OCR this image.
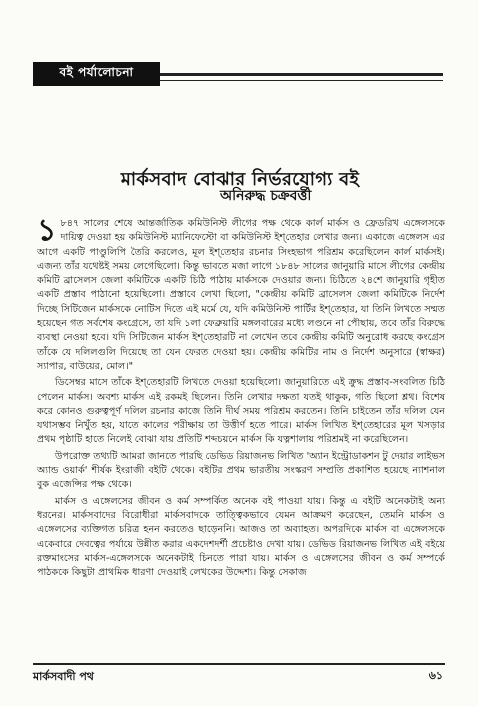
বই পর্যালোচনা
মার্কসবাদ বোঝার নির্ভরযোগ্য বই
অনিরুদ্ধ চক্রবর্ত্তী

১ ৮৪৭ সালের শেষে আন্তর্জাতিক কমিউনিস্ট লীগের পক্ষ থেকে কার্ল মার্কস ও ফ্রেডরিখ এঙ্গেলসকে দায়িত্ব দেওয়া হয় কমিউনিস্ট ম্যানিফেস্টো বা কমিউনিস্ট ইশ্‌তেহার লেখার জন্য। একাজে এঙ্গেলস এর আগে একটি পাণ্ডুলিপি তৈরি করলেও, মূল ইশ্‌তেহার রচনার সিংহভাগ পরিশ্রম করেছিলেন কার্ল মার্কসই। এজন্য তাঁর যথেষ্টই সময় লেগেছিলো। কিন্তু ভাবতে মজা লাগে ১৮৪৮ সালের জানুয়ারি মাসে লীগের কেন্দ্রীয় কমিটি ব্রাসেলস জেলা কমিটিকে একটি চিঠি পাঠায় মার্কসকে দেওয়ার জন্য। চিঠিতে ২৪শে জানুয়ারি গৃহীত একটি প্রস্তাব পাঠানো হয়েছিলো। প্রস্তাবে লেখা ছিলো, "কেন্দ্রীয় কমিটি ব্রাসেলস জেলা কমিটিকে নির্দেশ দিচ্ছে সিটিজেন মার্কসকে নোটিস দিতে এই মর্মে যে, যদি কমিউনিস্ট পার্টির ইশ্‌তেহার, যা তিনি লিখতে সম্মত হয়েছেন গত সর্বশেষ কংগ্রেসে, তা যদি ১লা ফেব্রুয়ারি মঙ্গলবারের মধ্যে লণ্ডনে না পৌছায়, তবে তাঁর বিরুদ্ধে ব্যবস্থা নেওয়া হবে। যদি সিটিজেন মার্কস ইশ্‌তেহারটি না লেখেন তবে কেন্দ্রীয় কমিটি অনুরোধ করছে কংগ্রেস তাঁকে যে দলিলগুলি দিয়েছে তা যেন ফেরত দেওয়া হয়। কেন্দ্রীয় কমিটির নাম ও নির্দেশ অনুসারে (স্বাক্ষর) স্যাপার, বাউয়ের, মোল।"

ডিসেম্বর মাসে তাঁকে ইশ্‌তেহারটি লিখতে দেওয়া হয়েছিলো। জানুয়ারিতে এই ক্রুদ্ধ প্রস্তাব-সংবলিত চিঠি পেলেন মার্কস। অবশ্য মার্কস এই রকমই ছিলেন। তিনি লেখার দক্ষতা যতই থাকুক, গতি ছিলো শ্লথ। বিশেষ করে কোনও গুরুত্বপূর্ণ দলিল রচনার কাজে তিনি দীর্ঘ সময় পরিশ্রম করতেন। তিনি চাইতেন তাঁর দলিল যেন যথাসম্ভব নিখুঁত হয়, যাতে কালের পরীক্ষায় তা উত্তীর্ণ হতে পারে। মার্কস লিখিত ইশ্‌তেহারের মূল খসড়ার প্রথম পৃষ্ঠাটি হাতে নিলেই বোঝা যায় প্রতিটি শব্দচয়নে মার্কস কি যত্নশালায় পরিশ্রমই না করেছিলেন।

উপরোক্ত তথ্যটি আমরা জানতে পারছি ডেভিড রিয়াজনভ লিখিত 'অ্যান ইন্ট্রোডাকশন টু দেয়ার লাইভস অ্যান্ড ওয়ার্ক' শীর্ষক ইংরাজী বইটি থেকে। বইটির প্রথম ভারতীয় সংস্করণ সম্প্রতি প্রকাশিত হয়েছে ন্যাশনাল বুক এজেন্সির পক্ষ থেকে।

মার্কস ও এঙ্গেলসের জীবন ও কর্ম সম্পর্কিত অনেক বই পাওয়া যায়। কিন্তু এ বইটি অনেকটাই অন্য ধরনের। মার্কসবাদের বিরোধীরা মার্কসবাদকে তাত্ত্বিকভাবে যেমন আক্রমণ করেছেন, তেমনি মার্কস ও এঙ্গেলসের ব্যক্তিগত চরিত্র হনন করতেও ছাড়েননি। আজও তা অব্যাহত। অপরদিকে মার্কস বা এঙ্গেলসকে একেবারে দেবত্বের পর্যায়ে উন্নীত করার একদেশদর্শী প্রচেষ্টাও দেখা যায়। ডেভিড রিয়াজনভ লিখিত এই বইয়ে রক্তমাংসের মার্কস-এঙ্গেলসকে অনেকটাই চিনতে পারা যায়। মার্কস ও এঙ্গেলসের জীবন ও কর্ম সম্পর্কে পাঠককে কিছুটা প্রাথমিক ধারণা দেওয়াই লেখকের উদ্দেশ্য। কিন্তু সেকাজ

মার্কসবাদী পথ	৬১
